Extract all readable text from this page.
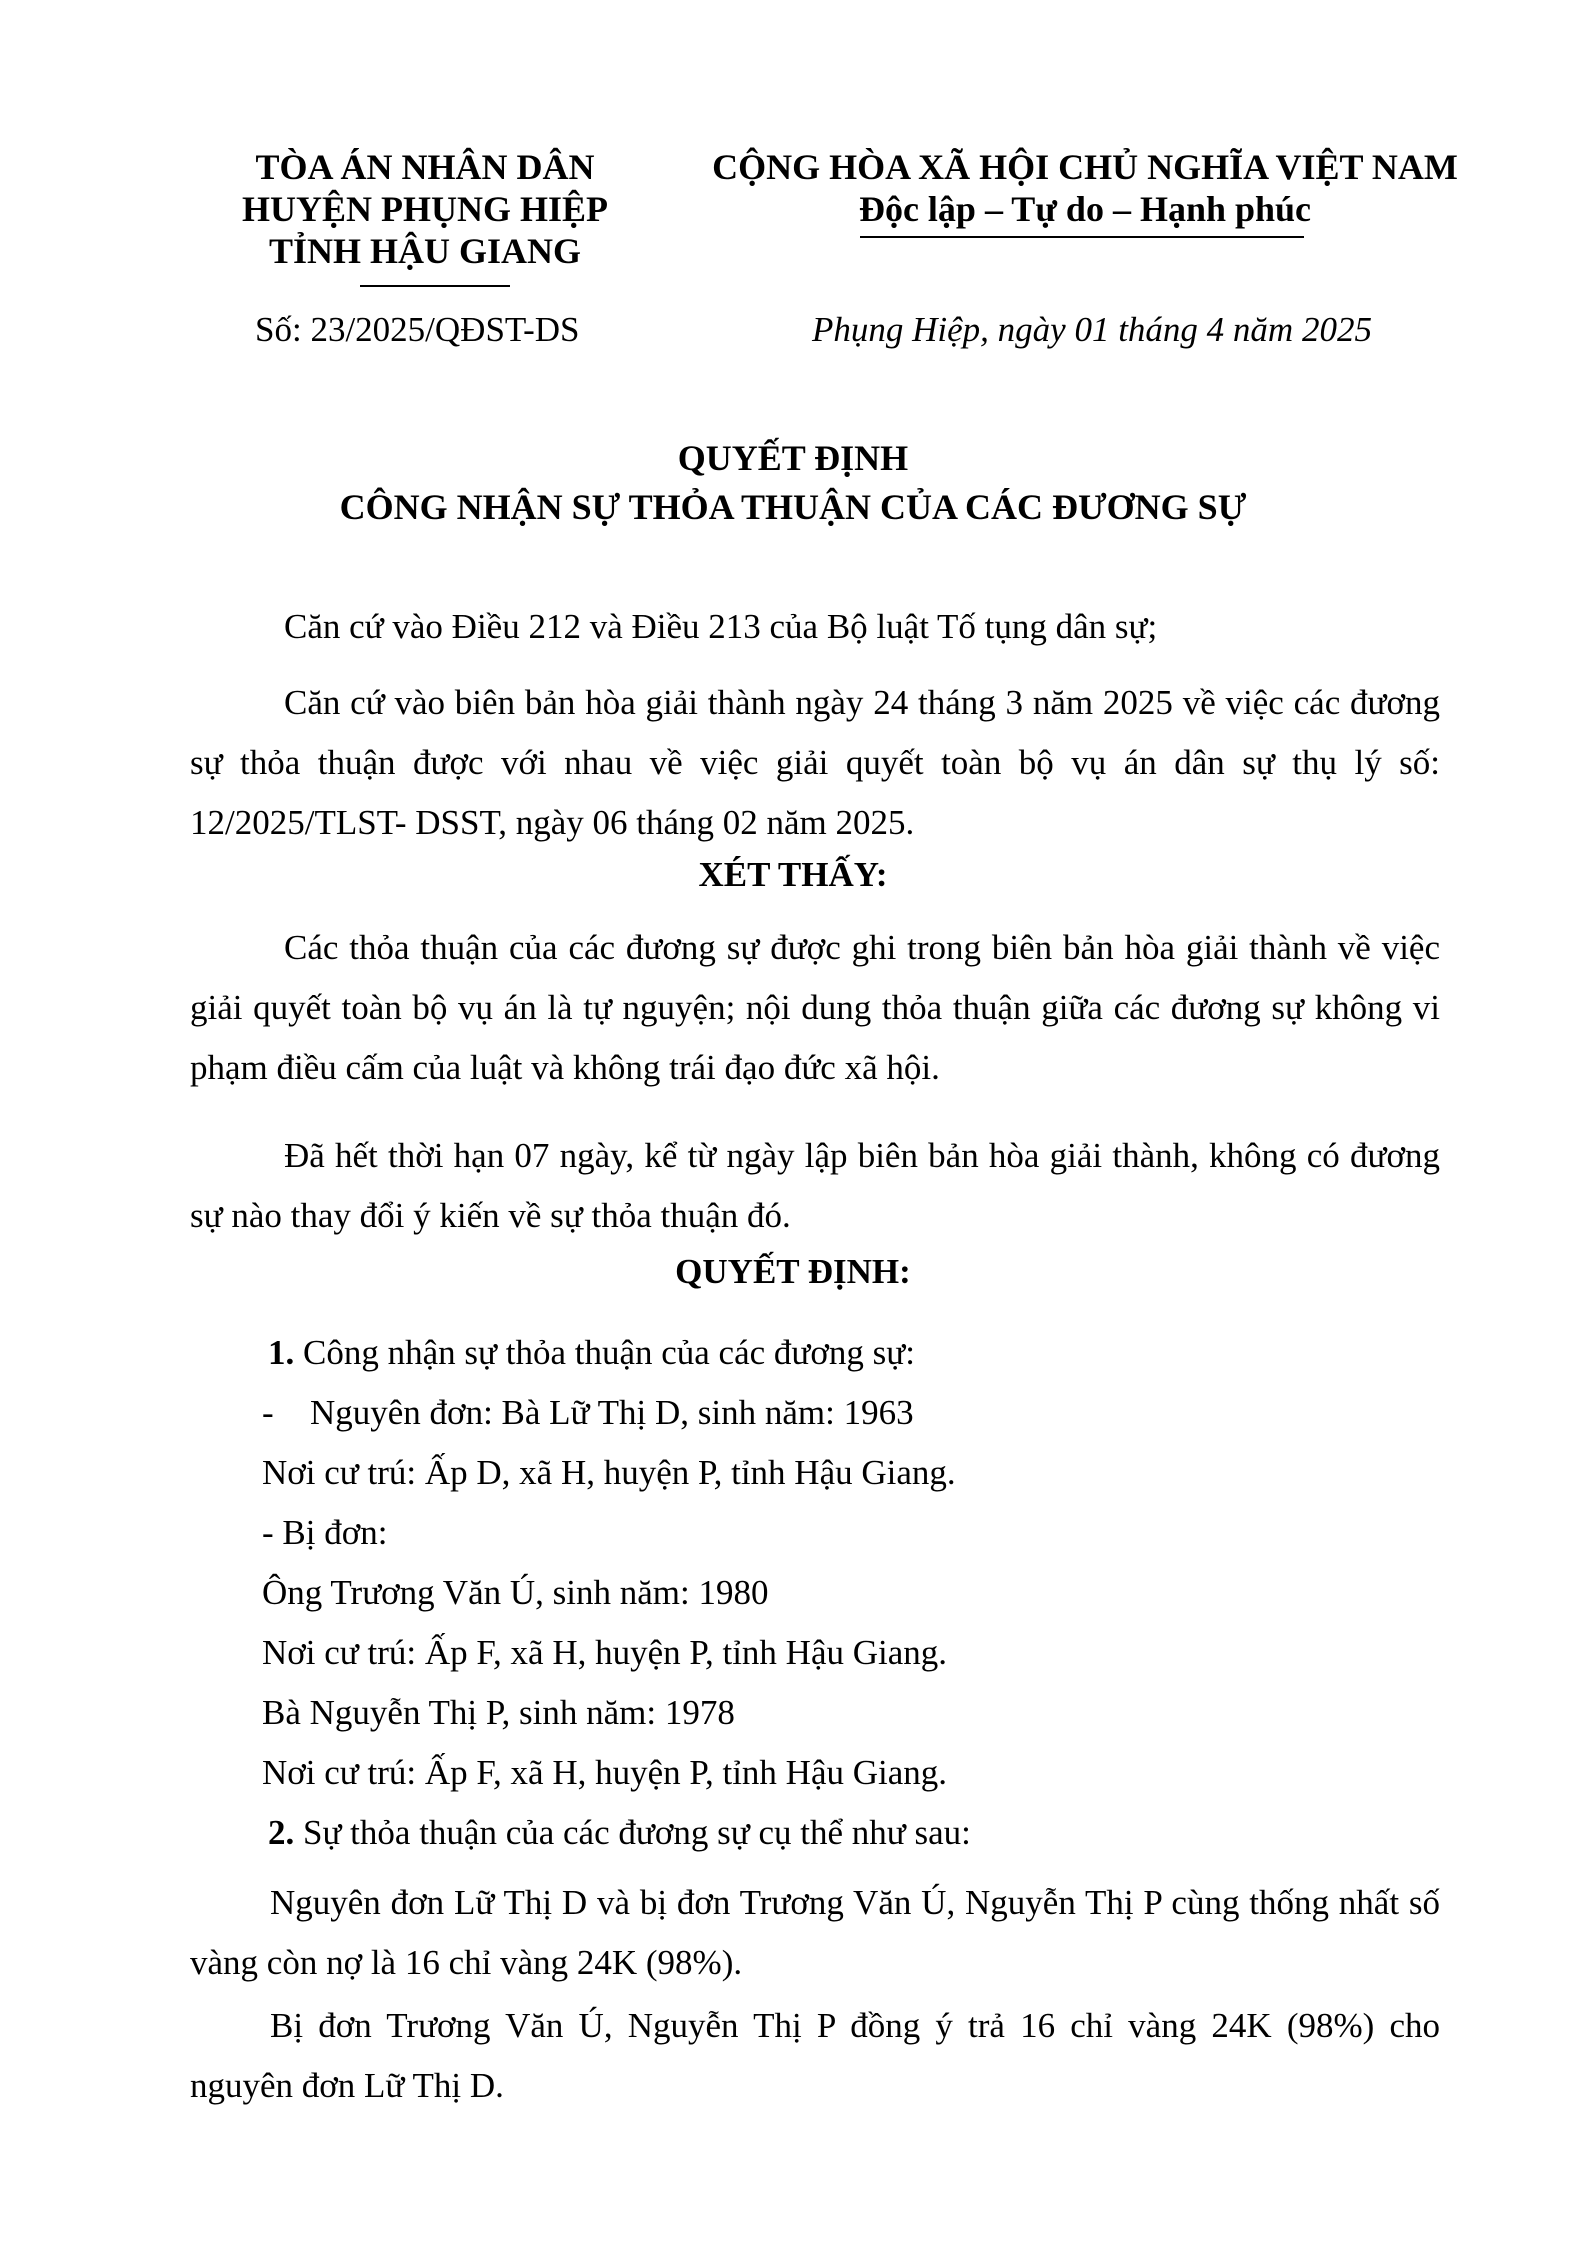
TÒA ÁN NHÂN DÂN
HUYỆN PHỤNG HIỆP
TỈNH HẬU GIANG
CỘNG HÒA XÃ HỘI CHỦ NGHĨA VIỆT NAM
Độc lập – Tự do – Hạnh phúc
Số: 23/2025/QĐST-DS	Phụng Hiệp, ngày 01 tháng 4 năm 2025
QUYẾT ĐỊNH
CÔNG NHẬN SỰ THỎA THUẬN CỦA CÁC ĐƯƠNG SỰ
Căn cứ vào Điều 212 và Điều 213 của Bộ luật Tố tụng dân sự;
Căn cứ vào biên bản hòa giải thành ngày 24 tháng 3 năm 2025 về việc các đương sự thỏa thuận được với nhau về việc giải quyết toàn bộ vụ án dân sự thụ lý số: 12/2025/TLST- DSST, ngày 06 tháng 02 năm 2025.
XÉT THẤY:
Các thỏa thuận của các đương sự được ghi trong biên bản hòa giải thành về việc giải quyết toàn bộ vụ án là tự nguyện; nội dung thỏa thuận giữa các đương sự không vi phạm điều cấm của luật và không trái đạo đức xã hội.
Đã hết thời hạn 07 ngày, kể từ ngày lập biên bản hòa giải thành, không có đương sự nào thay đổi ý kiến về sự thỏa thuận đó.
QUYẾT ĐỊNH:
1. Công nhận sự thỏa thuận của các đương sự:
- Nguyên đơn: Bà Lữ Thị D, sinh năm: 1963
Nơi cư trú: Ấp D, xã H, huyện P, tỉnh Hậu Giang.
- Bị đơn:
Ông Trương Văn Ú, sinh năm: 1980
Nơi cư trú: Ấp F, xã H, huyện P, tỉnh Hậu Giang.
Bà Nguyễn Thị P, sinh năm: 1978
Nơi cư trú: Ấp F, xã H, huyện P, tỉnh Hậu Giang.
2. Sự thỏa thuận của các đương sự cụ thể như sau:
Nguyên đơn Lữ Thị D và bị đơn Trương Văn Ú, Nguyễn Thị P cùng thống nhất số vàng còn nợ là 16 chỉ vàng 24K (98%).
Bị đơn Trương Văn Ú, Nguyễn Thị P đồng ý trả 16 chỉ vàng 24K (98%) cho nguyên đơn Lữ Thị D.
